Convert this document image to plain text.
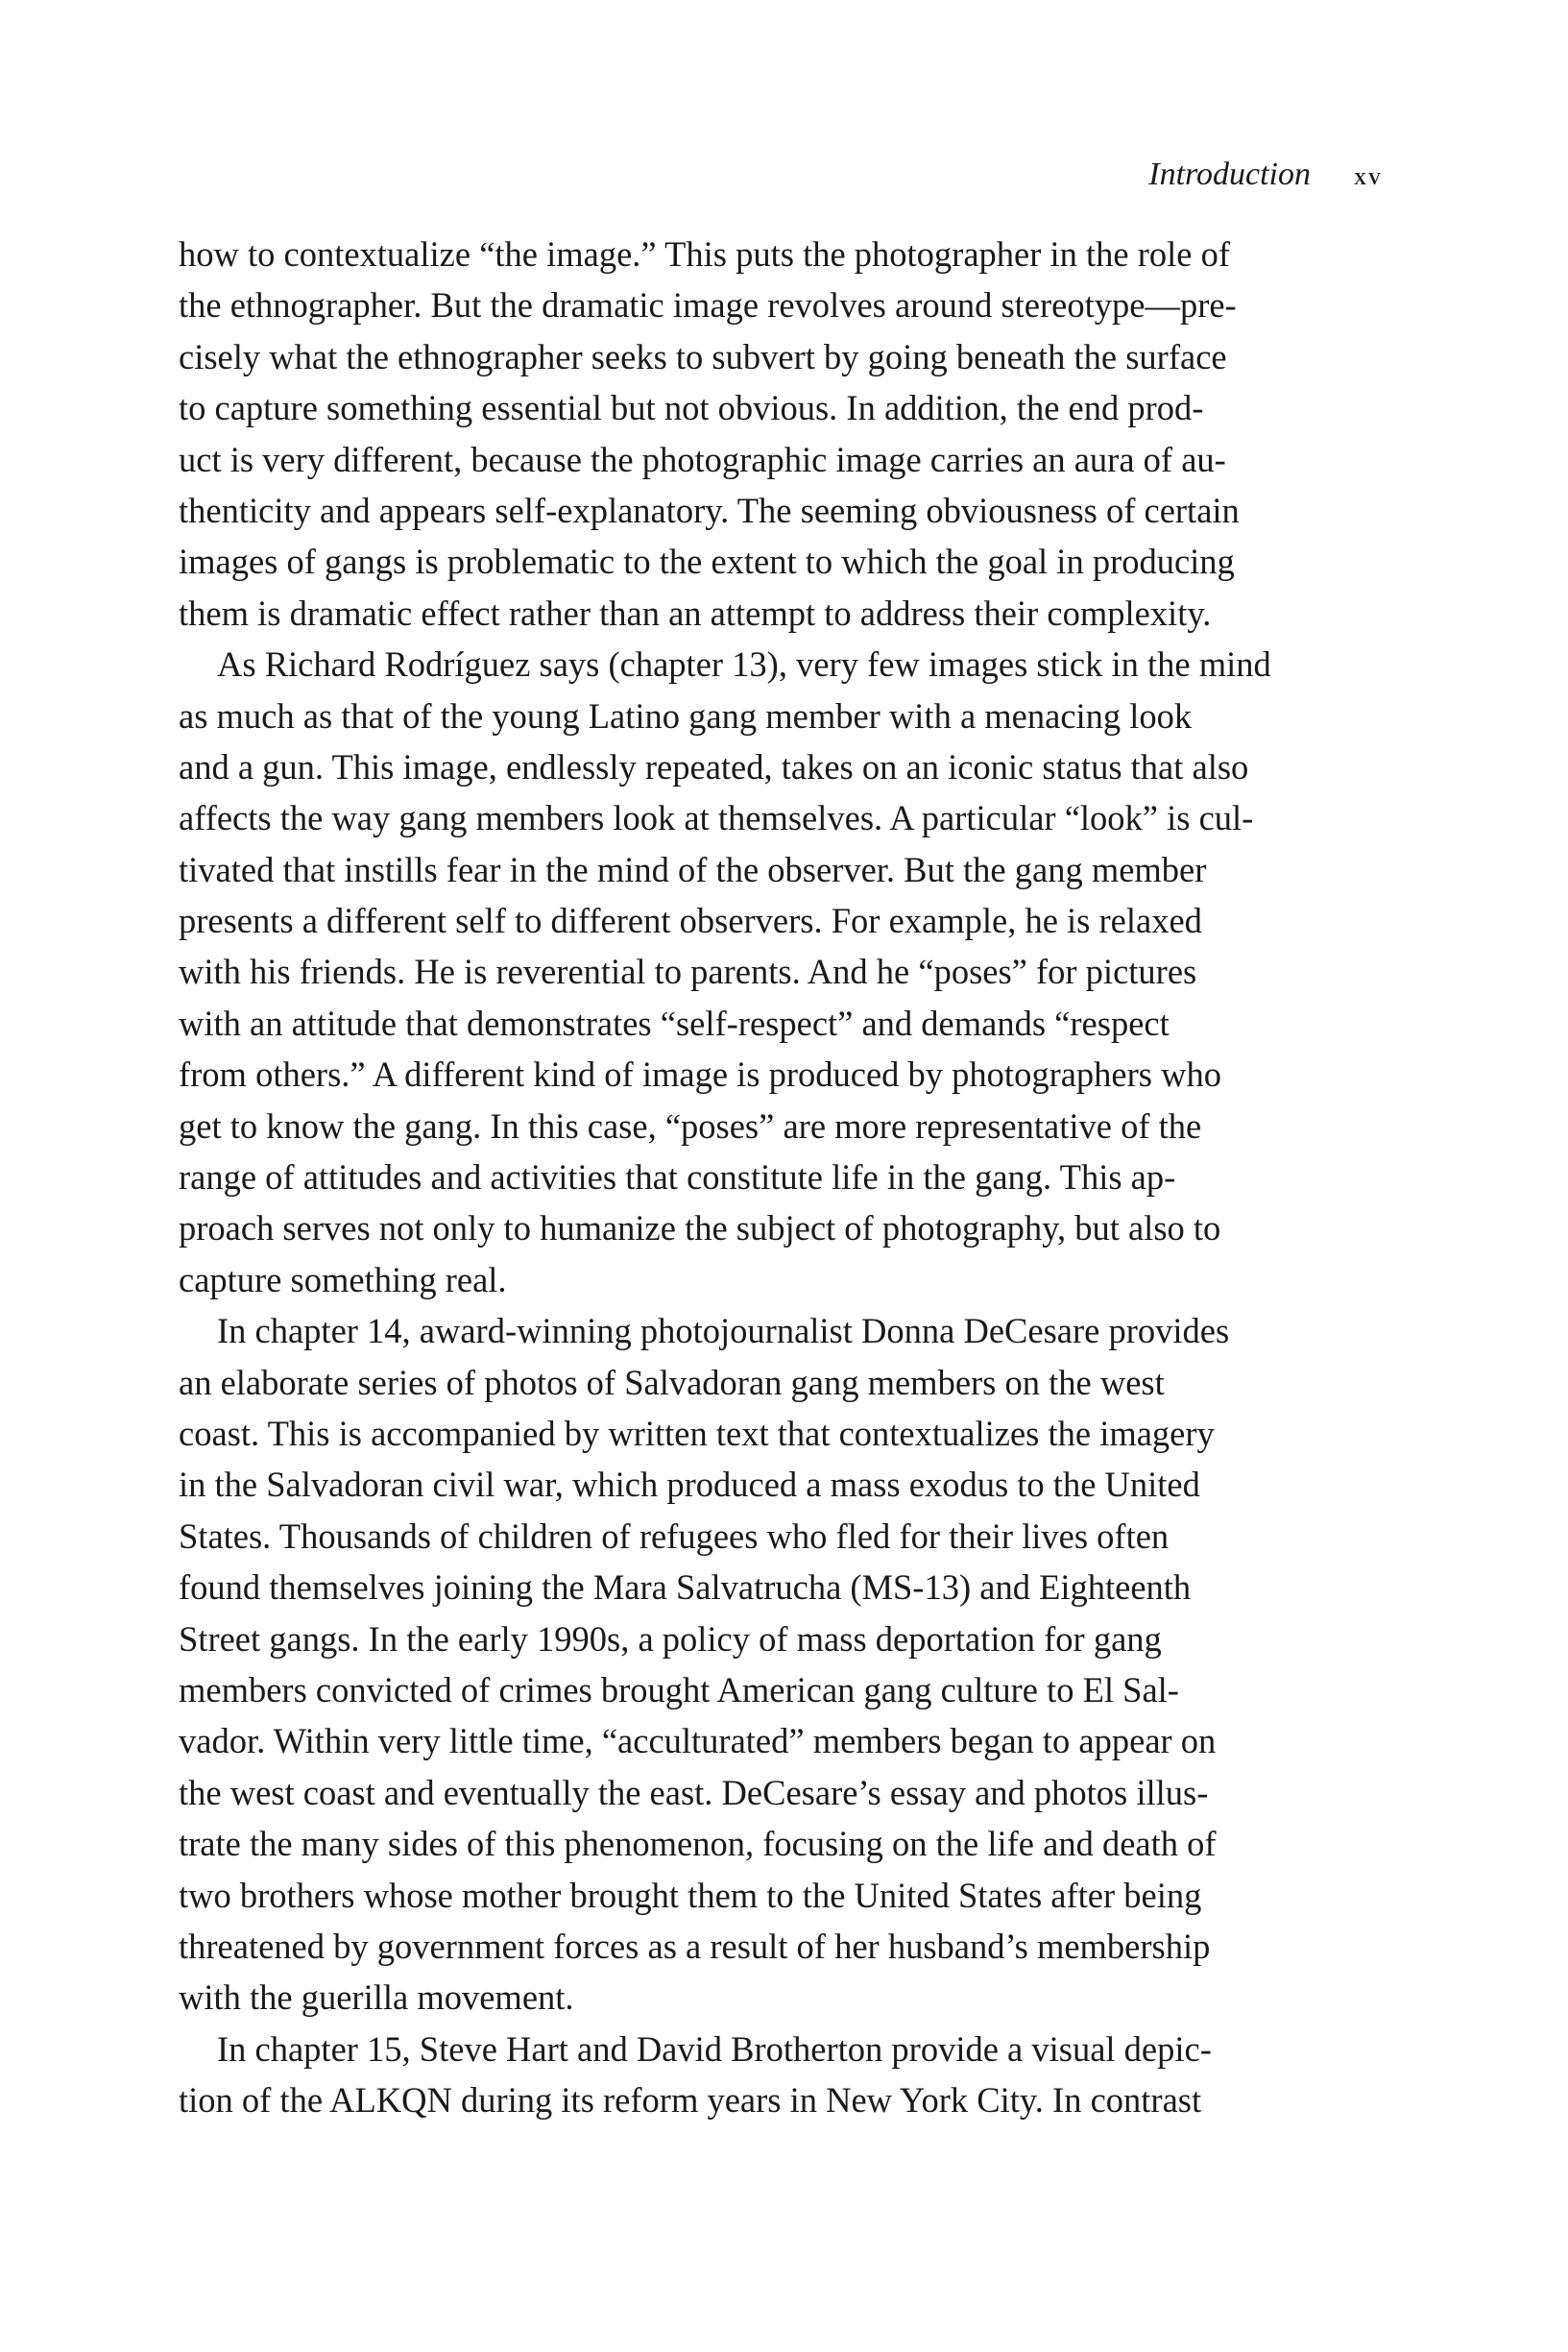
Introduction xv
how to contextualize “the image.” This puts the photographer in the role of
the ethnographer. But the dramatic image revolves around stereotype—pre-
cisely what the ethnographer seeks to subvert by going beneath the surface
to capture something essential but not obvious. In addition, the end prod-
uct is very different, because the photographic image carries an aura of au-
thenticity and appears self-explanatory. The seeming obviousness of certain
images of gangs is problematic to the extent to which the goal in producing
them is dramatic effect rather than an attempt to address their complexity.
As Richard Rodríguez says (chapter 13), very few images stick in the mind
as much as that of the young Latino gang member with a menacing look
and a gun. This image, endlessly repeated, takes on an iconic status that also
affects the way gang members look at themselves. A particular “look” is cul-
tivated that instills fear in the mind of the observer. But the gang member
presents a different self to different observers. For example, he is relaxed
with his friends. He is reverential to parents. And he “poses” for pictures
with an attitude that demonstrates “self-respect” and demands “respect
from others.” A different kind of image is produced by photographers who
get to know the gang. In this case, “poses” are more representative of the
range of attitudes and activities that constitute life in the gang. This ap-
proach serves not only to humanize the subject of photography, but also to
capture something real.
In chapter 14, award-winning photojournalist Donna DeCesare provides
an elaborate series of photos of Salvadoran gang members on the west
coast. This is accompanied by written text that contextualizes the imagery
in the Salvadoran civil war, which produced a mass exodus to the United
States. Thousands of children of refugees who fled for their lives often
found themselves joining the Mara Salvatrucha (MS-13) and Eighteenth
Street gangs. In the early 1990s, a policy of mass deportation for gang
members convicted of crimes brought American gang culture to El Sal-
vador. Within very little time, “acculturated” members began to appear on
the west coast and eventually the east. DeCesare’s essay and photos illus-
trate the many sides of this phenomenon, focusing on the life and death of
two brothers whose mother brought them to the United States after being
threatened by government forces as a result of her husband’s membership
with the guerilla movement.
In chapter 15, Steve Hart and David Brotherton provide a visual depic-
tion of the ALKQN during its reform years in New York City. In contrast
